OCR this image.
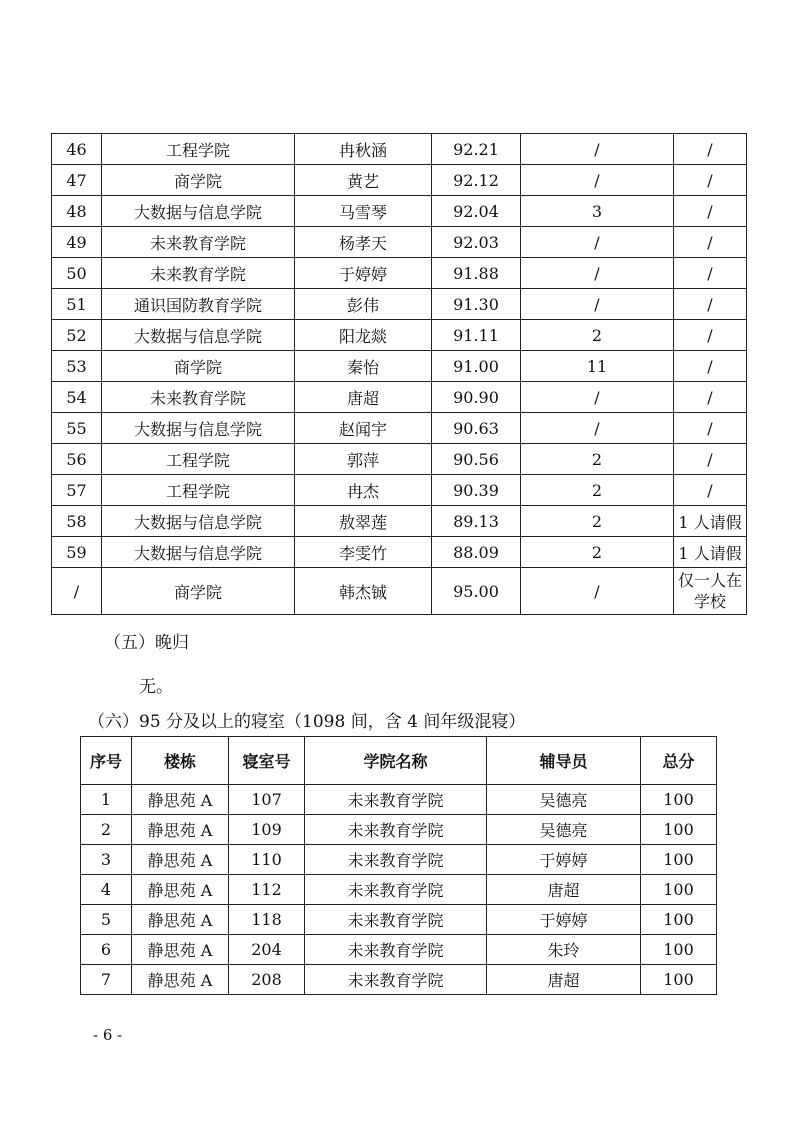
46	工程学院	冉秋涵	92.21	/	/
47	商学院	黄艺	92.12	/	/
48	大数据与信息学院	马雪琴	92.04	3	/
49	未来教育学院	杨孝天	92.03	/	/
50	未来教育学院	于婷婷	91.88	/	/
51	通识国防教育学院	彭伟	91.30	/	/
52	大数据与信息学院	阳龙燚	91.11	2	/
53	商学院	秦怡	91.00	11	/
54	未来教育学院	唐超	90.90	/	/
55	大数据与信息学院	赵闻宇	90.63	/	/
56	工程学院	郭萍	90.56	2	/
57	工程学院	冉杰	90.39	2	/
58	大数据与信息学院	敖翠莲	89.13	2	1 人请假
59	大数据与信息学院	李雯竹	88.09	2	1 人请假
/	商学院	韩杰铖	95.00	/	仅一人在学校
（五）晚归
无。
（六）95 分及以上的寝室（1098 间，含 4 间年级混寝）
序号	楼栋	寝室号	学院名称	辅导员	总分
1	静思苑 A	107	未来教育学院	吴德亮	100
2	静思苑 A	109	未来教育学院	吴德亮	100
3	静思苑 A	110	未来教育学院	于婷婷	100
4	静思苑 A	112	未来教育学院	唐超	100
5	静思苑 A	118	未来教育学院	于婷婷	100
6	静思苑 A	204	未来教育学院	朱玲	100
7	静思苑 A	208	未来教育学院	唐超	100
- 6 -
